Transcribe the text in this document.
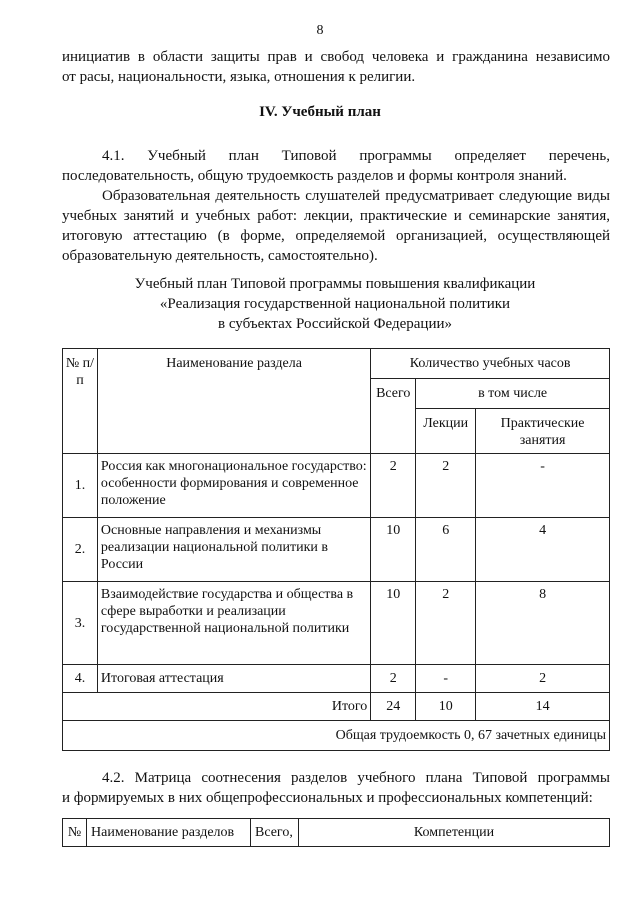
8
инициатив в области защиты прав и свобод человека и гражданина независимо
от расы, национальности, языка, отношения к религии.
IV. Учебный план
4.1.    Учебный    план    Типовой    программы    определяет    перечень,
последовательность, общую трудоемкость разделов и формы контроля знаний.
Образовательная деятельность слушателей предусматривает следующие виды
учебных занятий и учебных работ: лекции, практические и семинарские занятия,
итоговую аттестацию (в форме, определяемой организацией, осуществляющей
образовательную деятельность, самостоятельно).
Учебный план Типовой программы повышения квалификации
«Реализация государственной национальной политики
в субъектах Российской Федерации»
№ п/п	Наименование раздела	Количество учебных часов		
		Всего	в том числе	
			Лекции	Практические занятия
1.	Россия как многонациональное государство: особенности формирования и современное положение	2	2	-
2.	Основные направления и механизмы реализации национальной политики в России	10	6	4
3.	Взаимодействие государства и общества в сфере выработки и реализации государственной национальной политики	10	2	8
4.	Итоговая аттестация	2	-	2
Итого		24	10	14
Общая трудоемкость 0, 67 зачетных единицы				
4.2. Матрица соотнесения разделов учебного плана Типовой программы
и формируемых в них общепрофессиональных и профессиональных компетенций:
№	Наименование разделов	Всего,	Компетенции
